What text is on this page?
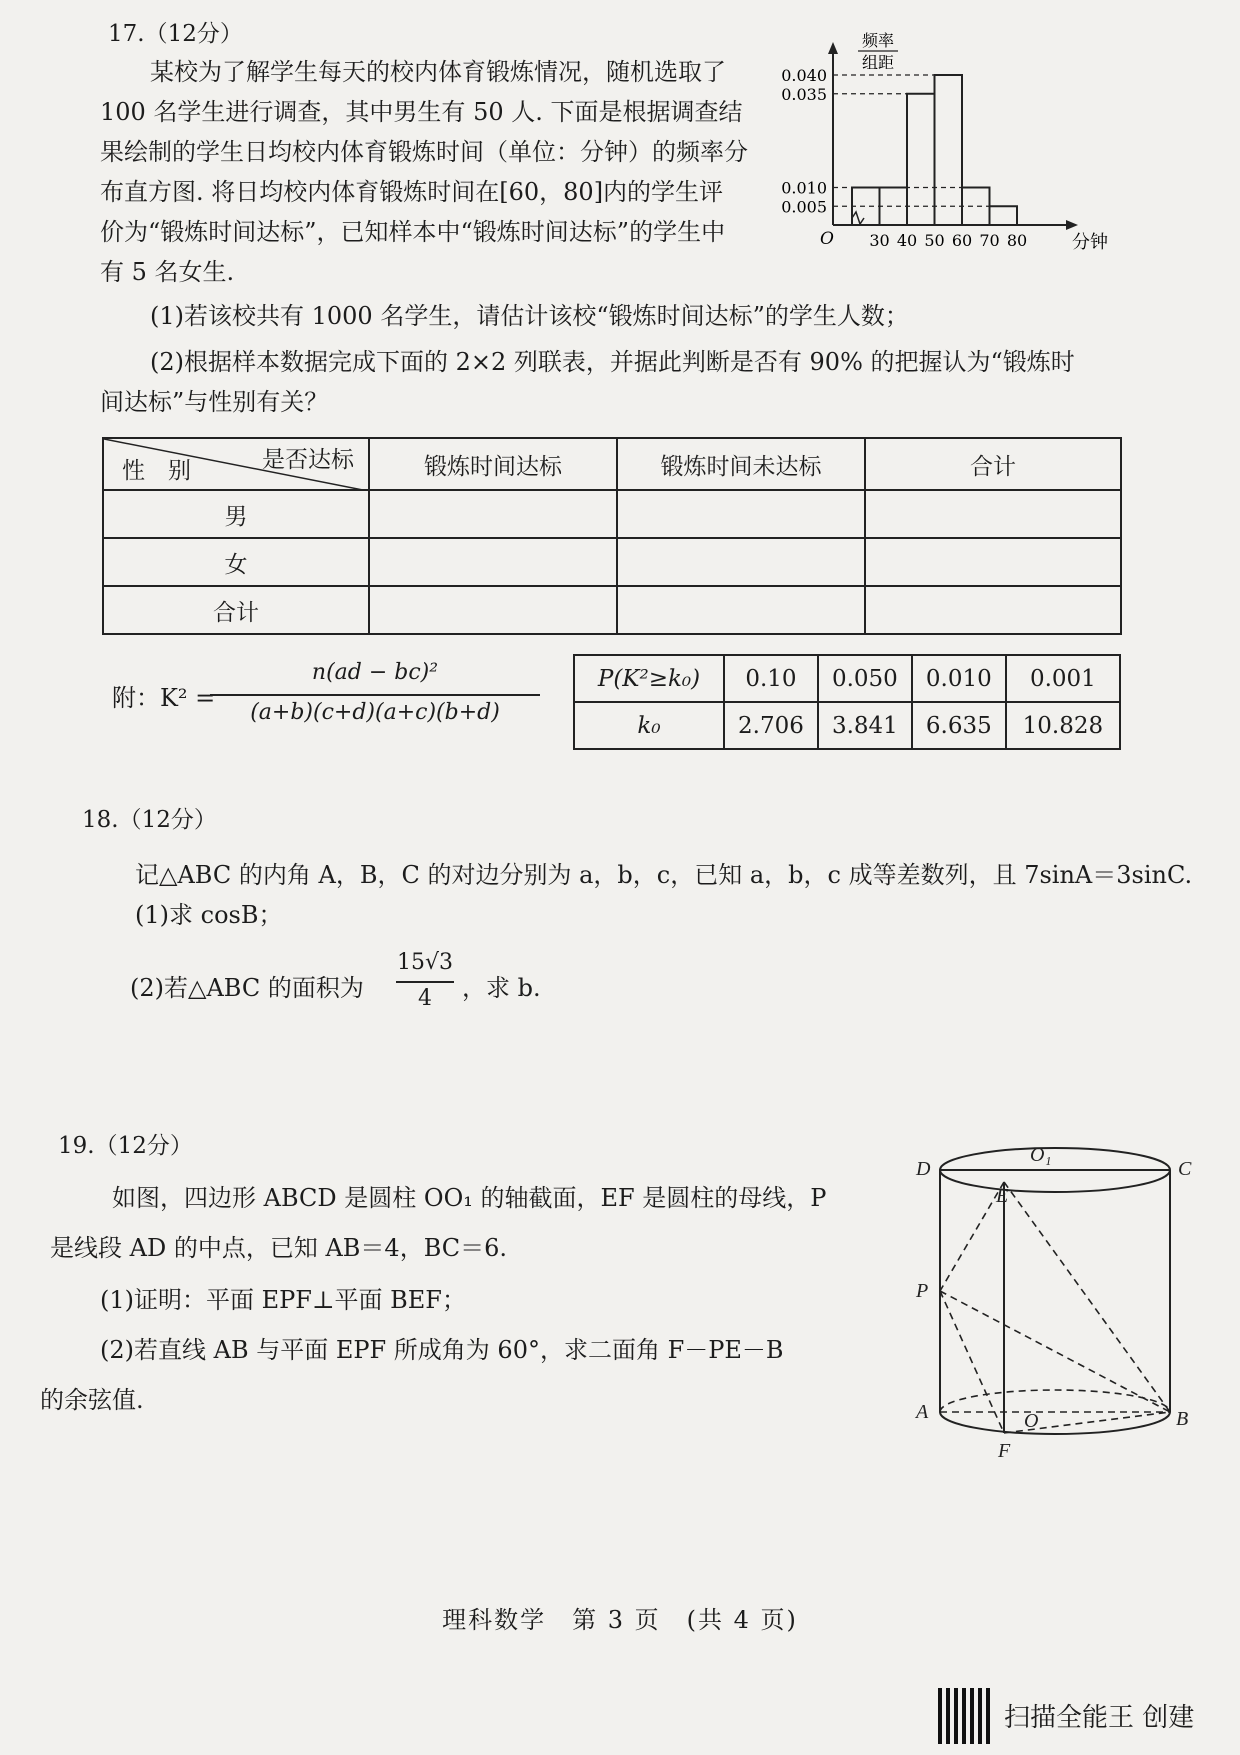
17.（12分）
某校为了解学生每天的校内体育锻炼情况，随机选取了
100 名学生进行调查，其中男生有 50 人. 下面是根据调查结
果绘制的学生日均校内体育锻炼时间（单位：分钟）的频率分
布直方图. 将日均校内体育锻炼时间在[60，80]内的学生评
价为“锻炼时间达标”，已知样本中“锻炼时间达标”的学生中
有 5 名女生.
(1)若该校共有 1000 名学生，请估计该校“锻炼时间达标”的学生人数；
(2)根据样本数据完成下面的 2×2 列联表，并据此判断是否有 90% 的把握认为“锻炼时
间达标”与性别有关？
0.040
0.035
0.010
0.005
30 40 50 60 70 80
O	分钟
频率
组距
是否达标
性　别	锻炼时间达标	锻炼时间未达标	合计
男			
女			
合计			
附：K² =
n(ad − bc)²
(a+b)(c+d)(a+c)(b+d)
P(K²≥k₀)	0.10	0.050	0.010	0.001
k₀	2.706	3.841	6.635	10.828
18.（12分）
记△ABC 的内角 A，B，C 的对边分别为 a，b，c，已知 a，b，c 成等差数列，且 7sinA＝3sinC.
(1)求 cosB；
(2)若△ABC 的面积为
15√3
4	，求 b.
19.（12分）
如图，四边形 ABCD 是圆柱 OO₁ 的轴截面，EF 是圆柱的母线，P
是线段 AD 的中点，已知 AB＝4，BC＝6.
(1)证明：平面 EPF⊥平面 BEF；
(2)若直线 AB 与平面 EPF 所成角为 60°，求二面角 F－PE－B
的余弦值.
D
O₁
C
E
P
A	O	B
F
理科数学　第 3 页　(共 4 页)
扫描全能王 创建
